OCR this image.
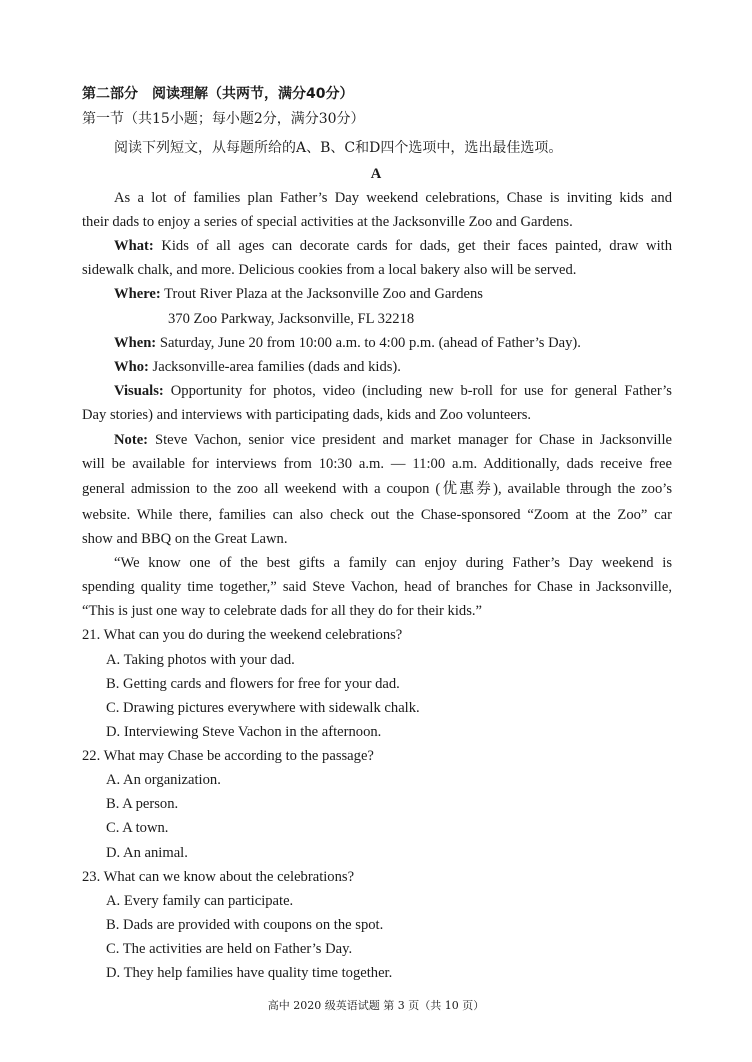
第二部分　阅读理解（共两节，满分40分）
第一节（共15小题；每小题2分，满分30分）
阅读下列短文，从每题所给的A、B、C和D四个选项中，选出最佳选项。
A
As a lot of families plan Father’s Day weekend celebrations, Chase is inviting kids and
their dads to enjoy a series of special activities at the Jacksonville Zoo and Gardens.
What: Kids of all ages can decorate cards for dads, get their faces painted, draw with
sidewalk chalk, and more. Delicious cookies from a local bakery also will be served.
Where: Trout River Plaza at the Jacksonville Zoo and Gardens
370 Zoo Parkway, Jacksonville, FL 32218
When: Saturday, June 20 from 10:00 a.m. to 4:00 p.m. (ahead of Father’s Day).
Who: Jacksonville-area families (dads and kids).
Visuals: Opportunity for photos, video (including new b-roll for use for general Father’s
Day stories) and interviews with participating dads, kids and Zoo volunteers.
Note: Steve Vachon, senior vice president and market manager for Chase in Jacksonville
will be available for interviews from 10:30 a.m. — 11:00 a.m. Additionally, dads receive free
general admission to the zoo all weekend with a coupon (优惠券), available through the zoo’s
website. While there, families can also check out the Chase-sponsored “Zoom at the Zoo” car
show and BBQ on the Great Lawn.
“We know one of the best gifts a family can enjoy during Father’s Day weekend is
spending quality time together,” said Steve Vachon, head of branches for Chase in Jacksonville,
“This is just one way to celebrate dads for all they do for their kids.”
21. What can you do during the weekend celebrations?
A. Taking photos with your dad.
B. Getting cards and flowers for free for your dad.
C. Drawing pictures everywhere with sidewalk chalk.
D. Interviewing Steve Vachon in the afternoon.
22. What may Chase be according to the passage?
A. An organization.
B. A person.
C. A town.
D. An animal.
23. What can we know about the celebrations?
A. Every family can participate.
B. Dads are provided with coupons on the spot.
C. The activities are held on Father’s Day.
D. They help families have quality time together.
高中 2020 级英语试题 第 3 页（共 10 页）
